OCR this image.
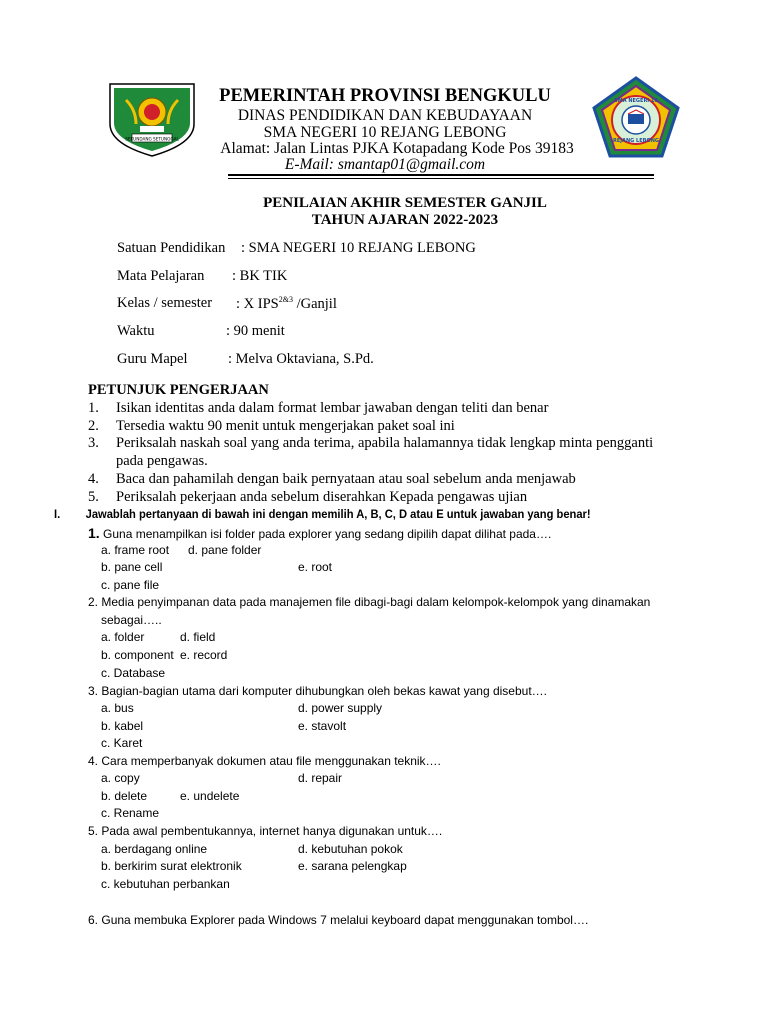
SEKUNDANG SETUNGGAL
PEMERINTAH PROVINSI BENGKULU
DINAS PENDIDIKAN DAN KEBUDAYAAN
SMA NEGERI 10 REJANG LEBONG
Alamat: Jalan Lintas PJKA Kotapadang Kode Pos 39183
E-Mail: smantap01@gmail.com
SMA NEGERI 10
REJANG LEBONG
PENILAIAN AKHIR SEMESTER GANJIL
TAHUN AJARAN 2022-2023
Satuan Pendidikan : SMA NEGERI 10 REJANG LEBONG
Mata Pelajaran : BK TIK
Kelas / semester : X $IPS^{2\&3}$ /Ganjil
Waktu	: 90 menit
Guru Mapel	: Melva Oktaviana, S.Pd.
PETUNJUK PENGERJAAN
1. Isikan identitas anda dalam format lembar jawaban dengan teliti dan benar
2. Tersedia waktu 90 menit untuk mengerjakan paket soal ini
3. Periksalah naskah soal yang anda terima, apabila halamannya tidak lengkap minta pengganti
pada pengawas.
4. Baca dan pahamilah dengan baik pernyataan atau soal sebelum anda menjawab
5. Periksalah pekerjaan anda sebelum diserahkan Kepada pengawas ujian
I. Jawablah pertanyaan di bawah ini dengan memilih A, B, C, D atau E untuk jawaban yang benar!
1. Guna menampilkan isi folder pada explorer yang sedang dipilih dapat dilihat pada….
a. frame root d. pane folder
b. pane cell	e. root
c. pane file
2. Media penyimpanan data pada manajemen file dibagi-bagi dalam kelompok-kelompok yang dinamakan
sebagai…..
a. folder	d. field
b. component e. record
c. Database
3. Bagian-bagian utama dari komputer dihubungkan oleh bekas kawat yang disebut….
a. bus	d. power supply
b. kabel	e. stavolt
c. Karet
4. Cara memperbanyak dokumen atau file menggunakan teknik….
a. copy	d. repair
b. delete	e. undelete
c. Rename
5. Pada awal pembentukannya, internet hanya digunakan untuk….
a. berdagang online	d. kebutuhan pokok
b. berkirim surat elektronik	e. sarana pelengkap
c. kebutuhan perbankan
6. Guna membuka Explorer pada Windows 7 melalui keyboard dapat menggunakan tombol….
